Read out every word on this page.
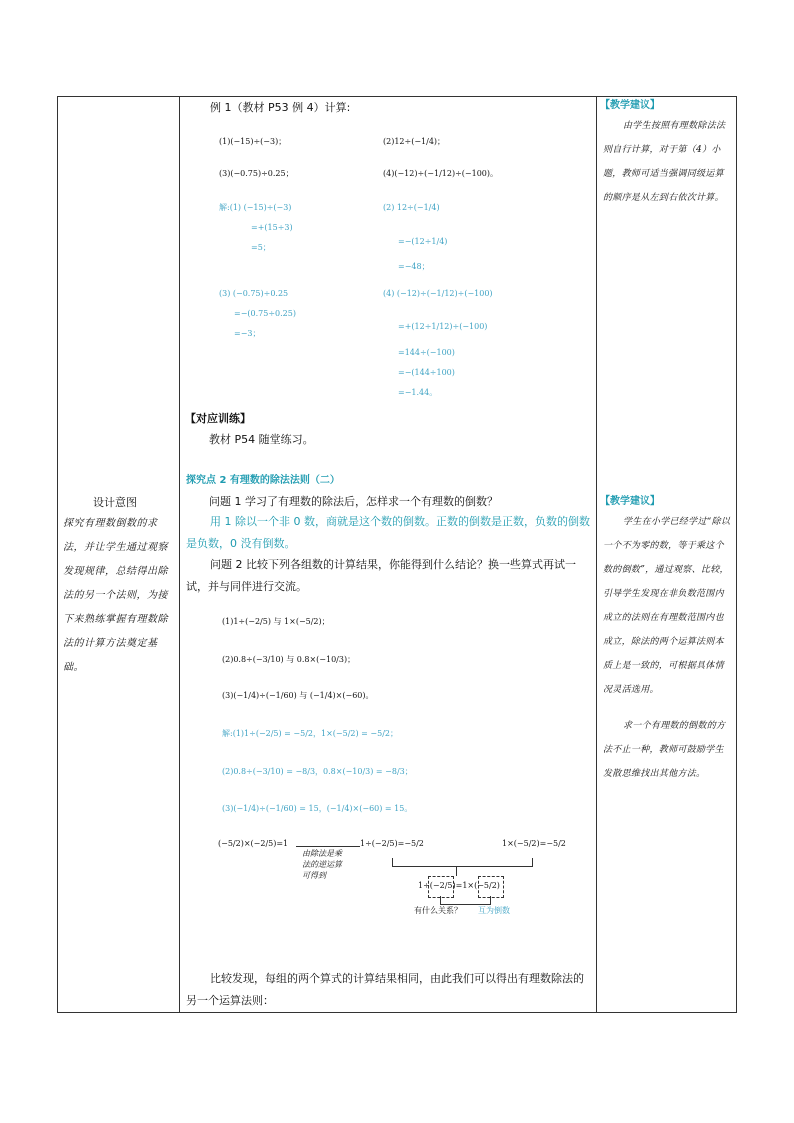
设计意图
探究有理数倒数的求法，并让学生通过观察发现规律，总结得出除法的另一个法则，为接下来熟练掌握有理数除法的计算方法奠定基础。
例 1（教材 P53 例 4）计算:
(1)(−15)÷(−3)；	(2)12÷(−1/4)；
(3)(−0.75)÷0.25；	(4)(−12)÷(−1/12)÷(−100)。
解:(1) (−15)÷(−3)
=+(15÷3)
=5；
(2) 12÷(−1/4)
=−(12÷1/4)
=−48；
(3) (−0.75)÷0.25
=−(0.75÷0.25)
=−3；
(4) (−12)÷(−1/12)÷(−100)
=+(12÷1/12)÷(−100)
=144÷(−100)
=−(144÷100)
=−1.44。
【对应训练】
教材 P54 随堂练习。
探究点 2 有理数的除法法则（二）
问题 1 学习了有理数的除法后，怎样求一个有理数的倒数？
用 1 除以一个非 0 数，商就是这个数的倒数。正数的倒数是正数，负数的倒数是负数，0 没有倒数。
问题 2 比较下列各组数的计算结果，你能得到什么结论？换一些算式再试一试，并与同伴进行交流。
(1)1÷(−2/5) 与 1×(−5/2)；
(2)0.8÷(−3/10) 与 0.8×(−10/3)；
(3)(−1/4)÷(−1/60) 与 (−1/4)×(−60)。
解:(1)1÷(−2/5) = −5/2，1×(−5/2) = −5/2；
(2)0.8÷(−3/10) = −8/3，0.8×(−10/3) = −8/3；
(3)(−1/4)÷(−1/60) = 15，(−1/4)×(−60) = 15。
(−5/2)×(−2/5)=1	1÷(−2/5)=−5/2	1×(−5/2)=−5/2
由除法是乘
法的逆运算
可得到
1÷(−2/5)=1×(−5/2)
有什么关系？ 互为倒数
比较发现，每组的两个算式的计算结果相同，由此我们可以得出有理数除法的另一个运算法则：
【教学建议】
由学生按照有理数除法法则自行计算，对于第（4）小题，教师可适当强调同级运算的顺序是从左到右依次计算。
【教学建议】
学生在小学已经学过“除以一个不为零的数，等于乘这个数的倒数”，通过观察、比较，引导学生发现在非负数范围内成立的法则在有理数范围内也成立，除法的两个运算法则本质上是一致的，可根据具体情况灵活选用。
求一个有理数的倒数的方法不止一种，教师可鼓励学生发散思维找出其他方法。
